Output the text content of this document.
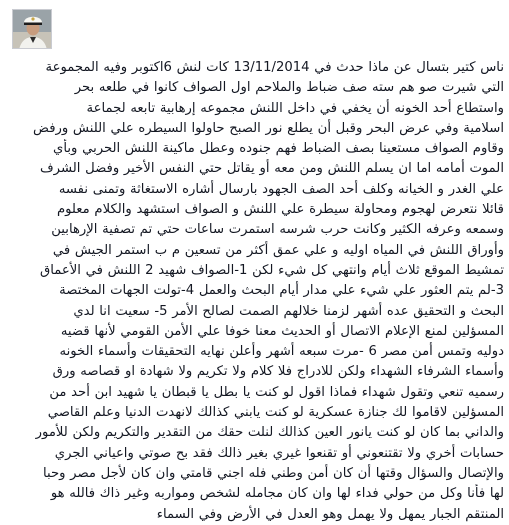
ناس كتير بتسال عن ماذا حدث في 13/11/2014 كات لنش 6اكتوبر وفيه المجموعة
التي شيرت صو هم سته صف ضباط والملاحم اول الصواف كانوا في طلعه بحر
واستطاع أحد الخونه أن يخفي في داخل اللنش مجموعه إرهابية تابعه لجماعة
اسلامية وفي عرض البحر وقبل أن يطلع نور الصبح حاولوا السيطره علي اللنش ورفض
وقاوم الصواف مستعينا بصف الضباط فهم جنوده وعطل ماكينة اللنش الحربي وبأي
الموت أمامه اما ان يسلم اللنش ومن معه أو يقاتل حتي النفس الأخير وفضل الشرف
علي الغدر و الخيانه وكلف أحد الصف الجهود بارسال أشاره الاستغاثة وتمنى نفسه
قائلا نتعرض لهجوم ومحاولة سيطرة علي اللنش و الصواف استشهد والكلام معلوم
وسمعه وعرفه الكثير وكانت حرب شرسه استمرت ساعات حتي تم تصفية الإرهابين
وأوراق اللنش في المياه اوليه و علي عمق أكثر من تسعين م ب استمر الجيش في
تمشيط الموقع ثلاث أيام وانتهي كل شيء لكن 1-الصواف شهيد 2 اللنش في الأعماق
3-لم يتم العثور علي شيء علي مدار أيام البحث والعمل 4-تولت الجهات المختصة
البحث و التحقيق عده أشهر لزمنا خلالهم الصمت لصالح الأمر 5- سعيت انا لدي
المسؤلين لمنع الإعلام الاتصال أو الحديث معنا خوفا علي الأمن القومي لأنها قضيه
دوليه وتمس أمن مصر 6 -مرت سبعه أشهر وأعلن نهايه التحقيقات وأسماء الخونه
وأسماء الشرفاء الشهداء ولكن للادراج فلا كلام ولا تكريم ولا شهادة او قصاصه ورق
رسميه تنعي وتقول شهداء فماذا اقول لو كنت يا بطل يا قبطان يا شهيد ابن أحد من
المسؤلين لاقاموا لك جنازة عسكرية لو كنت يابني كذالك لانهدت الدنيا وعلم القاصي
والداني بما كان لو كنت يانور العين كذالك لنلت حقك من التقدير والتكريم ولكن للأمور
حسابات أخري ولا تقتنعوني أو تقنعوا غيري بغير ذالك فقد بح صوتي واعياني الجري
والإتصال والسؤال وقتها أن كان أمن وطني فله اجني قامتي وان كان لأجل مصر وحبا
لها فأنا وكل من حولي فداء لها وان كان مجامله لشخص ومواربه وغير ذاك فالله هو
المنتقم الجبار يمهل ولا يهمل وهو العدل في الأرض وفي السماء
